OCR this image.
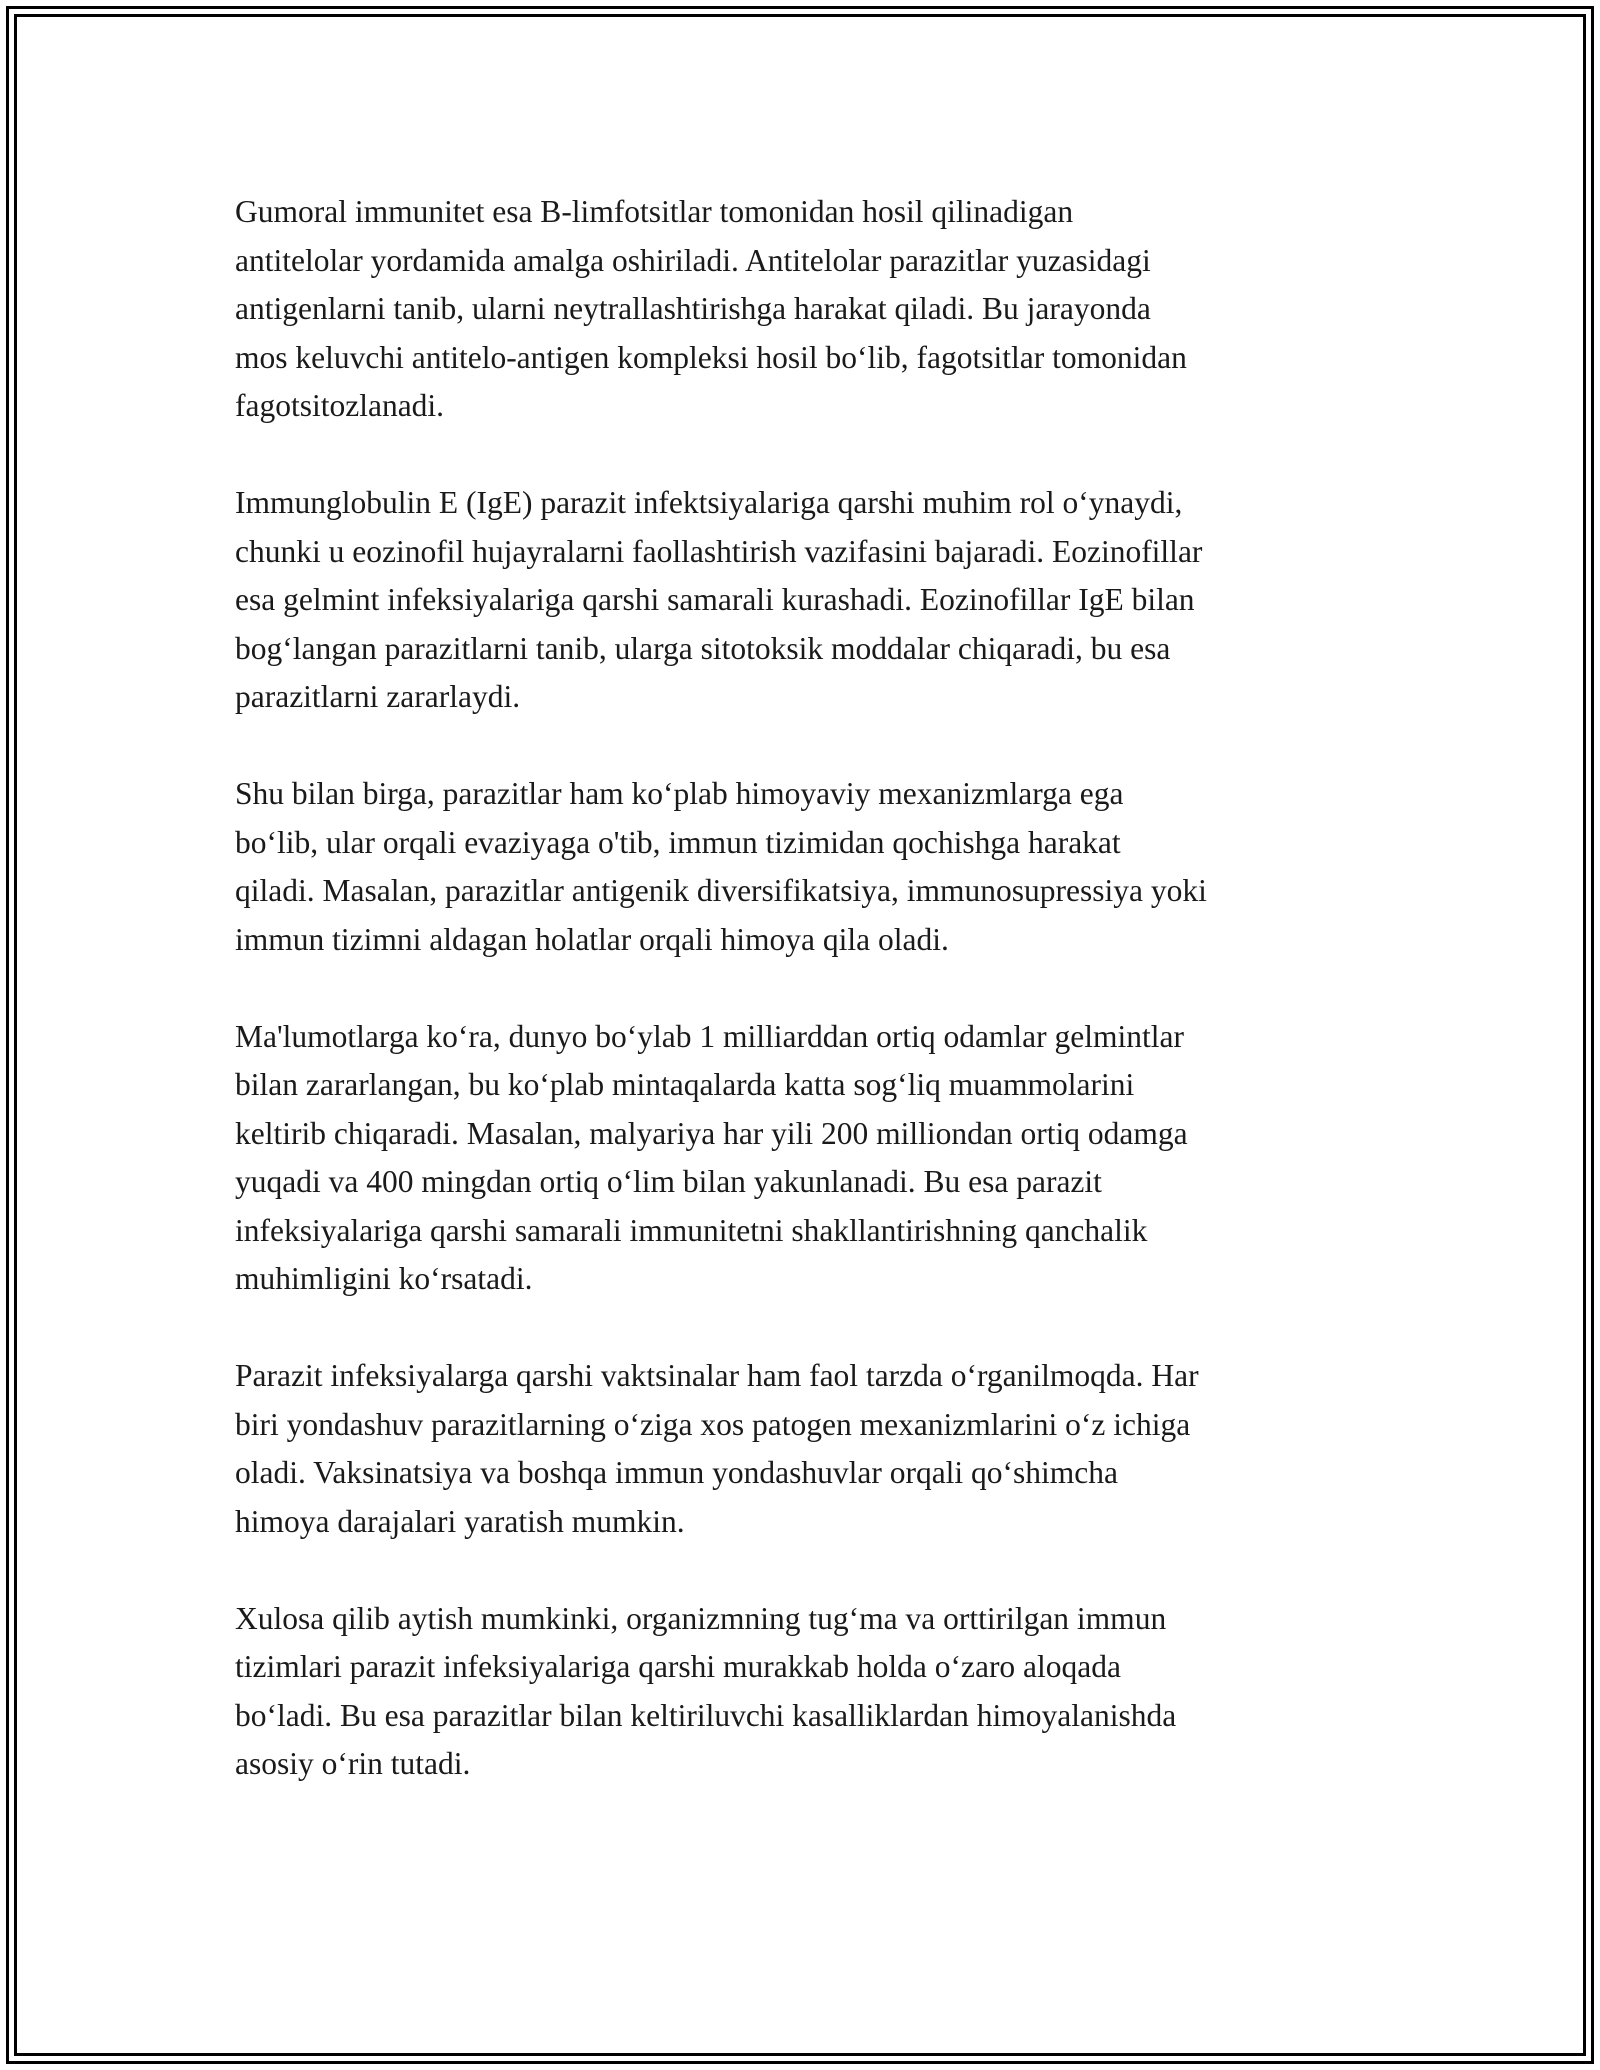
Gumoral immunitet esa B-limfotsitlar tomonidan hosil qilinadigan
antitelolar yordamida amalga oshiriladi. Antitelolar parazitlar yuzasidagi
antigenlarni tanib, ularni neytrallashtirishga harakat qiladi. Bu jarayonda
mos keluvchi antitelo-antigen kompleksi hosil bo‘lib, fagotsitlar tomonidan
fagotsitozlanadi.

Immunglobulin E (IgE) parazit infektsiyalariga qarshi muhim rol o‘ynaydi,
chunki u eozinofil hujayralarni faollashtirish vazifasini bajaradi. Eozinofillar
esa gelmint infeksiyalariga qarshi samarali kurashadi. Eozinofillar IgE bilan
bog‘langan parazitlarni tanib, ularga sitotoksik moddalar chiqaradi, bu esa
parazitlarni zararlaydi.

Shu bilan birga, parazitlar ham ko‘plab himoyaviy mexanizmlarga ega
bo‘lib, ular orqali evaziyaga o'tib, immun tizimidan qochishga harakat
qiladi. Masalan, parazitlar antigenik diversifikatsiya, immunosupressiya yoki
immun tizimni aldagan holatlar orqali himoya qila oladi.

Ma'lumotlarga ko‘ra, dunyo bo‘ylab 1 milliarddan ortiq odamlar gelmintlar
bilan zararlangan, bu ko‘plab mintaqalarda katta sog‘liq muammolarini
keltirib chiqaradi. Masalan, malyariya har yili 200 milliondan ortiq odamga
yuqadi va 400 mingdan ortiq o‘lim bilan yakunlanadi. Bu esa parazit
infeksiyalariga qarshi samarali immunitetni shakllantirishning qanchalik
muhimligini ko‘rsatadi.

Parazit infeksiyalarga qarshi vaktsinalar ham faol tarzda o‘rganilmoqda. Har
biri yondashuv parazitlarning o‘ziga xos patogen mexanizmlarini o‘z ichiga
oladi. Vaksinatsiya va boshqa immun yondashuvlar orqali qo‘shimcha
himoya darajalari yaratish mumkin.

Xulosa qilib aytish mumkinki, organizmning tug‘ma va orttirilgan immun
tizimlari parazit infeksiyalariga qarshi murakkab holda o‘zaro aloqada
bo‘ladi. Bu esa parazitlar bilan keltiriluvchi kasalliklardan himoyalanishda
asosiy o‘rin tutadi.
